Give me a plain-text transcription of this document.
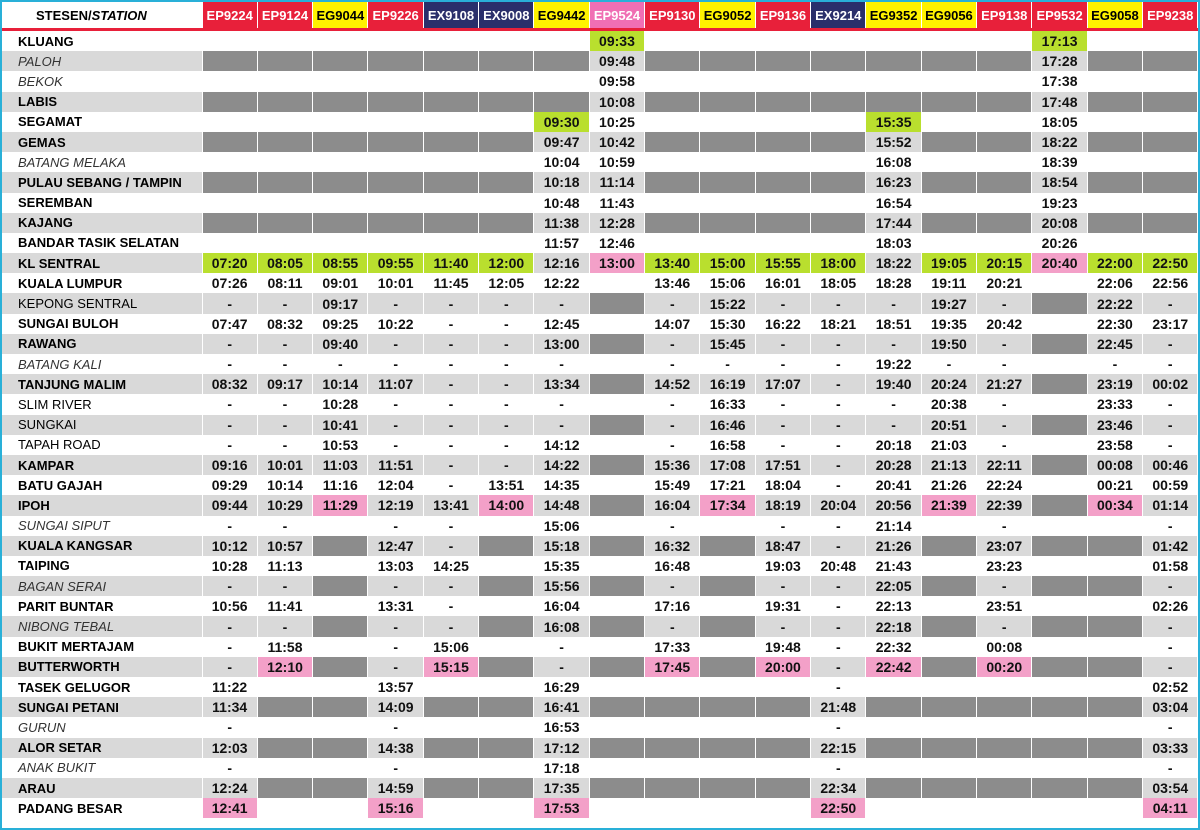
STESEN/STATION	EP9224	EP9124	EG9044	EP9226	EX9108	EX9008	EG9442	EP9524	EP9130	EG9052	EP9136	EX9214	EG9352	EG9056	EP9138	EP9532	EG9058	EP9238
KLUANG								09:33								17:13		
PALOH								09:48								17:28		
BEKOK								09:58								17:38		
LABIS								10:08								17:48		
SEGAMAT							09:30	10:25					15:35			18:05		
GEMAS							09:47	10:42					15:52			18:22		
BATANG MELAKA							10:04	10:59					16:08			18:39		
PULAU SEBANG / TAMPIN							10:18	11:14					16:23			18:54		
SEREMBAN							10:48	11:43					16:54			19:23		
KAJANG							11:38	12:28					17:44			20:08		
BANDAR TASIK SELATAN							11:57	12:46					18:03			20:26		
KL SENTRAL	07:20	08:05	08:55	09:55	11:40	12:00	12:16	13:00	13:40	15:00	15:55	18:00	18:22	19:05	20:15	20:40	22:00	22:50
KUALA LUMPUR	07:26	08:11	09:01	10:01	11:45	12:05	12:22		13:46	15:06	16:01	18:05	18:28	19:11	20:21		22:06	22:56
KEPONG SENTRAL	-	-	09:17	-	-	-	-		-	15:22	-	-	-	19:27	-		22:22	-
SUNGAI BULOH	07:47	08:32	09:25	10:22	-	-	12:45		14:07	15:30	16:22	18:21	18:51	19:35	20:42		22:30	23:17
RAWANG	-	-	09:40	-	-	-	13:00		-	15:45	-	-	-	19:50	-		22:45	-
BATANG KALI	-	-	-	-	-	-	-		-	-	-	-	19:22	-	-		-	-
TANJUNG MALIM	08:32	09:17	10:14	11:07	-	-	13:34		14:52	16:19	17:07	-	19:40	20:24	21:27		23:19	00:02
SLIM RIVER	-	-	10:28	-	-	-	-		-	16:33	-	-	-	20:38	-		23:33	-
SUNGKAI	-	-	10:41	-	-	-	-		-	16:46	-	-	-	20:51	-		23:46	-
TAPAH ROAD	-	-	10:53	-	-	-	14:12		-	16:58	-	-	20:18	21:03	-		23:58	-
KAMPAR	09:16	10:01	11:03	11:51	-	-	14:22		15:36	17:08	17:51	-	20:28	21:13	22:11		00:08	00:46
BATU GAJAH	09:29	10:14	11:16	12:04	-	13:51	14:35		15:49	17:21	18:04	-	20:41	21:26	22:24		00:21	00:59
IPOH	09:44	10:29	11:29	12:19	13:41	14:00	14:48		16:04	17:34	18:19	20:04	20:56	21:39	22:39		00:34	01:14
SUNGAI SIPUT	-	-		-	-		15:06		-		-	-	21:14		-			-
KUALA KANGSAR	10:12	10:57		12:47	-		15:18		16:32		18:47	-	21:26		23:07			01:42
TAIPING	10:28	11:13		13:03	14:25		15:35		16:48		19:03	20:48	21:43		23:23			01:58
BAGAN SERAI	-	-		-	-		15:56		-		-	-	22:05		-			-
PARIT BUNTAR	10:56	11:41		13:31	-		16:04		17:16		19:31	-	22:13		23:51			02:26
NIBONG TEBAL	-	-		-	-		16:08		-		-	-	22:18		-			-
BUKIT MERTAJAM	-	11:58		-	15:06		-		17:33		19:48	-	22:32		00:08			-
BUTTERWORTH	-	12:10		-	15:15		-		17:45		20:00	-	22:42		00:20			-
TASEK GELUGOR	11:22			13:57			16:29					-						02:52
SUNGAI PETANI	11:34			14:09			16:41					21:48						03:04
GURUN	-			-			16:53					-						-
ALOR SETAR	12:03			14:38			17:12					22:15						03:33
ANAK BUKIT	-			-			17:18					-						-
ARAU	12:24			14:59			17:35					22:34						03:54
PADANG BESAR	12:41			15:16			17:53					22:50						04:11
